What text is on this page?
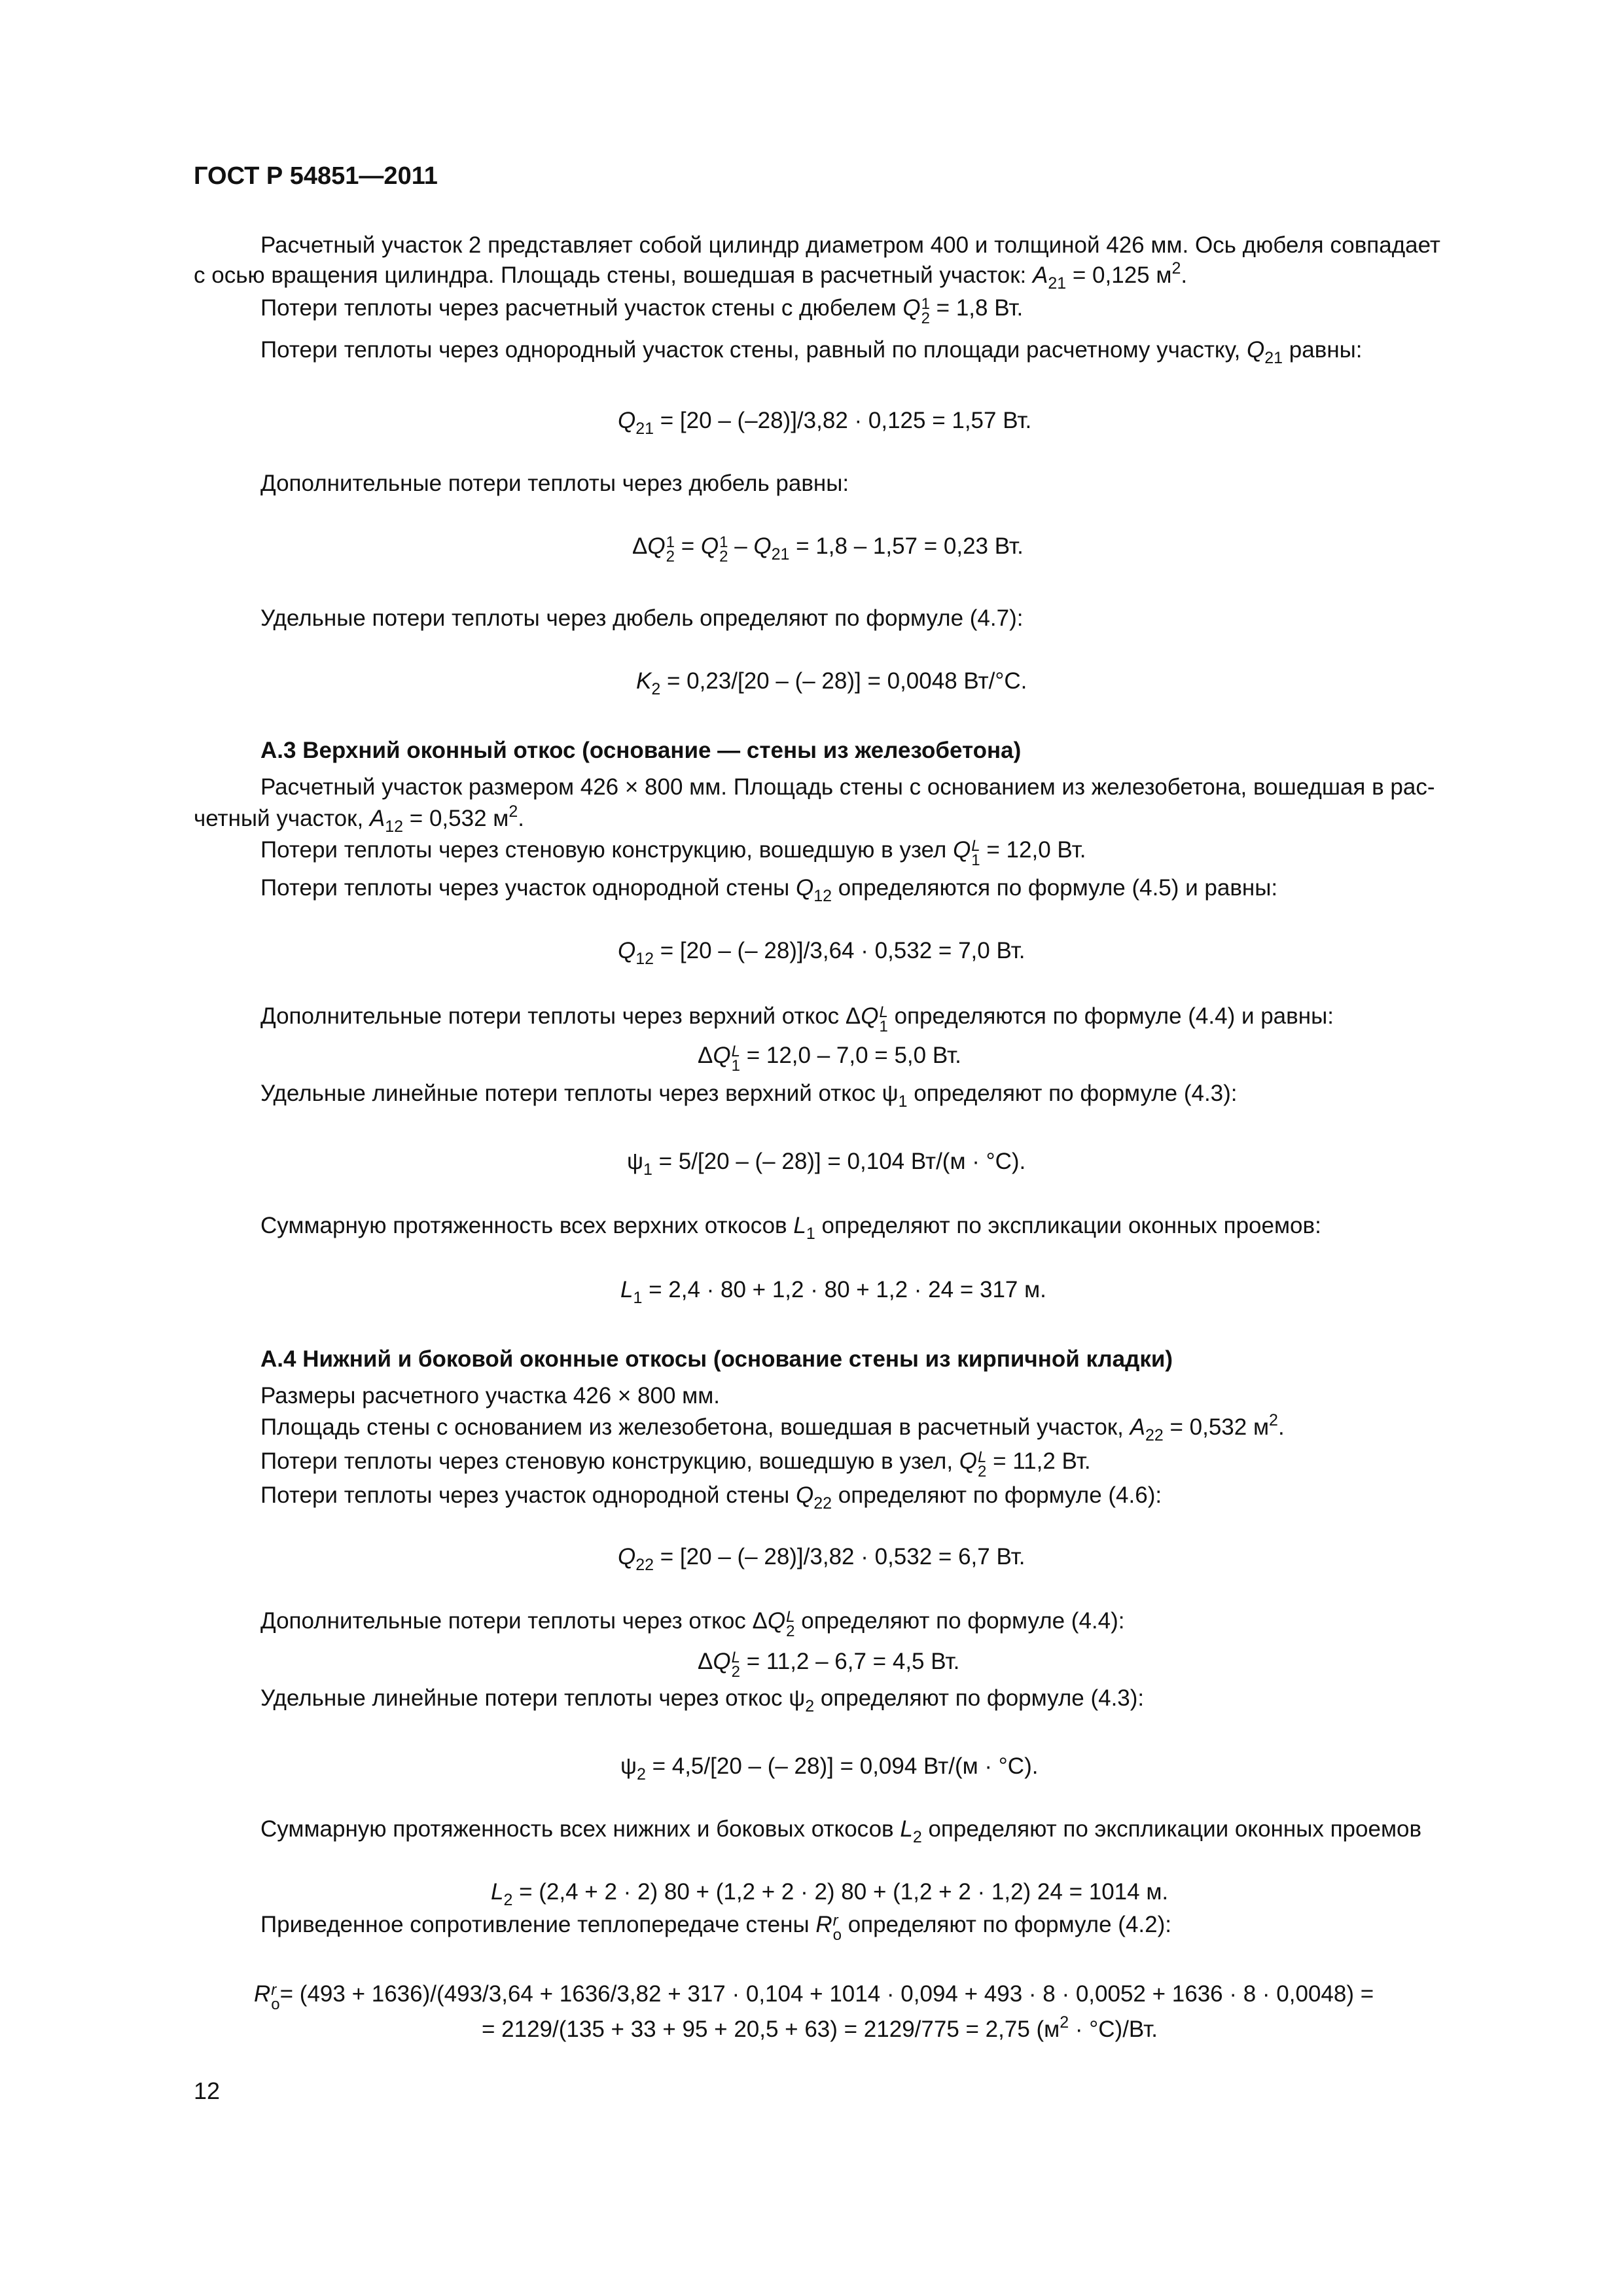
ГОСТ Р 54851—2011
Расчетный участок 2 представляет собой цилиндр диаметром 400 и толщиной 426 мм. Ось дюбеля совпадает
с осью вращения цилиндра. Площадь стены, вошедшая в расчетный участок: $A_{21} = 0,125$ $м^2$.
Потери теплоты через расчетный участок стены с дюбелем Q 1
2 = 1,8 Вт.
Потери теплоты через однородный участок стены, равный по площади расчетному участку, $Q_{21}$ равны:
$Q_{21} = [20 - (-28)]/3,82 \cdot 0,125 = 1,57$ Вт.
Дополнительные потери теплоты через дюбель равны:
ΔQ 1
2 = Q 1
$2 - Q_{21} = 1,8 - 1,57 = 0,23$ Вт.
Удельные потери теплоты через дюбель определяют по формуле (4.7):
$K_2 = 0,23/[20$ – (– 28)] = 0,0048 Вт/°С.
А.3 Верхний оконный откос (основание — стены из железобетона)
Расчетный участок размером 426 × 800 мм. Площадь стены с основанием из железобетона, вошедшая в рас-
четный участок, $A_{12} = 0,532$ $м^2$.
Потери теплоты через стеновую конструкцию, вошедшую в узел Q L
1 = 12,0 Вт.
Потери теплоты через участок однородной стены $Q_{12}$ определяются по формуле (4.5) и равны:
$Q_{12} = [20$ – (– 28)]/3,64 · 0,532 = 7,0 Вт.
Дополнительные потери теплоты через верхний откос ΔQ L
1 определяются по формуле (4.4) и равны:
ΔQ L
1 = 12,0 – 7,0 = 5,0 Вт.
Удельные линейные потери теплоты через верхний откос $\psi_1$ определяют по формуле (4.3):
$\psi_1 = 5/[20$ – (– 28)] = 0,104 Вт/(м · °С).
Суммарную протяженность всех верхних откосов $L_1$ определяют по экспликации оконных проемов:
$L_1 = 2,4 \cdot 80 + 1,2 \cdot 80 + 1,2 \cdot 24 = 317$ м.
А.4 Нижний и боковой оконные откосы (основание стены из кирпичной кладки)
Размеры расчетного участка 426 × 800 мм.
Площадь стены с основанием из железобетона, вошедшая в расчетный участок, $A_{22} = 0,532$ $м^2$.
Потери теплоты через стеновую конструкцию, вошедшую в узел, Q L
2 = 11,2 Вт.
Потери теплоты через участок однородной стены $Q_{22}$ определяют по формуле (4.6):
$Q_{22} = [20$ – (– 28)]/3,82 · 0,532 = 6,7 Вт.
Дополнительные потери теплоты через откос ΔQ L
2 определяют по формуле (4.4):
ΔQ L
2 = 11,2 – 6,7 = 4,5 Вт.
Удельные линейные потери теплоты через откос $\psi_2$ определяют по формуле (4.3):
$\psi_2 = 4,5/[20$ – (– 28)] = 0,094 Вт/(м · °С).
Суммарную протяженность всех нижних и боковых откосов $L_2$ определяют по экспликации оконных проемов
$L_2 = (2,4 + 2 \cdot 2) 80 + (1,2 + 2 \cdot 2) 80 + (1,2 + 2 \cdot 1,2) 24 = 1014$ м.
Приведенное сопротивление теплопередаче стены R r
o определяют по формуле (4.2):
R r
o = (493 + 1636)/(493/3,64 + 1636/3,82 + 317 · 0,104 + 1014 · 0,094 + 493 · 8 · 0,0052 + 1636 · 8 · 0,0048) =
= 2129/(135 + 33 + 95 + 20,5 + 63) = 2129/775 = 2,75 $(м^2 \cdot ^\circ С)/Вт$.
12
